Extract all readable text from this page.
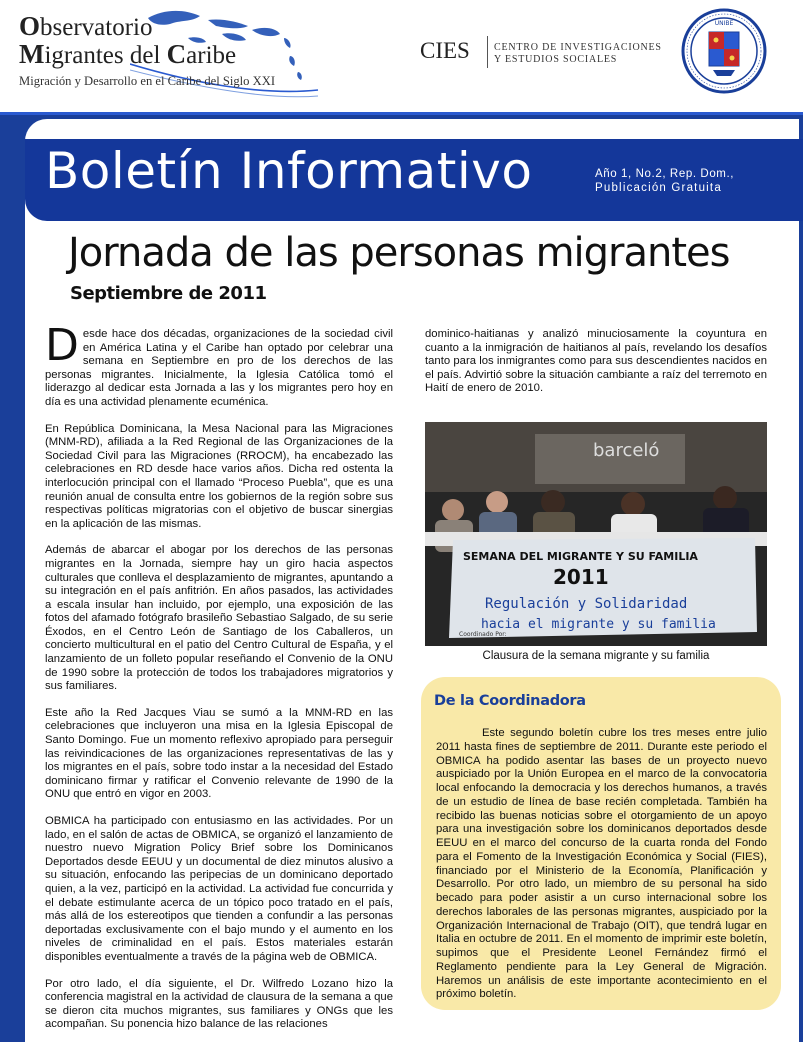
Observatorio
Migrantes del Caribe
Migración y Desarrollo en el Caribe del Siglo XXI
CIES CENTRO DE INVESTIGACIONES
Y ESTUDIOS SOCIALES
UNIBE
Boletín Informativo	Año 1, No.2, Rep. Dom.,
Publicación Gratuita
Jornada de las personas migrantes
Septiembre de 2011

Desde hace dos décadas, organizaciones de la sociedad civil en América Latina y el Caribe han optado por celebrar una semana en Septiembre en pro de los derechos de las personas migrantes. Inicialmente, la Iglesia Católica tomó el liderazgo al dedicar esta Jornada a las y los migrantes pero hoy en día es una actividad plenamente ecuménica.

En República Dominicana, la Mesa Nacional para las Migraciones (MNM-RD), afiliada a la Red Regional de las Organizaciones de la Sociedad Civil para las Migraciones (RROCM), ha encabezado las celebraciones en RD desde hace varios años. Dicha red ostenta la interlocución principal con el llamado “Proceso Puebla”, que es una reunión anual de consulta entre los gobiernos de la región sobre sus respectivas políticas migratorias con el objetivo de buscar sinergias en la aplicación de las mismas.

Además de abarcar el abogar por los derechos de las personas migrantes en la Jornada, siempre hay un giro hacia aspectos culturales que conlleva el desplazamiento de migrantes, apuntando a su integración en el país anfitrión. En años pasados, las actividades a escala insular han incluido, por ejemplo, una exposición de las fotos del afamado fotógrafo brasileño Sebastiao Salgado, de su serie Éxodos, en el Centro León de Santiago de los Caballeros, un concierto multicultural en el patio del Centro Cultural de España, y el lanzamiento de un folleto popular reseñando el Convenio de la ONU de 1990 sobre la protección de todos los trabajadores migratorios y sus familiares.

Este año la Red Jacques Viau se sumó a la MNM-RD en las celebraciones que incluyeron una misa en la Iglesia Episcopal de Santo Domingo. Fue un momento reflexivo apropiado para perseguir las reivindicaciones de las organizaciones representativas de las y los migrantes en el país, sobre todo instar a la necesidad del Estado dominicano firmar y ratificar el Convenio relevante de 1990 de la ONU que entró en vigor en 2003.

OBMICA ha participado con entusiasmo en las actividades. Por un lado, en el salón de actas de OBMICA, se organizó el lanzamiento de nuestro nuevo Migration Policy Brief sobre los Dominicanos Deportados desde EEUU y un documental de diez minutos alusivo a su situación, enfocando las peripecias de un dominicano deportado quien, a la vez, participó en la actividad. La actividad fue concurrida y el debate estimulante acerca de un tópico poco tratado en el país, más allá de los estereotipos que tienden a confundir a las personas deportadas exclusivamente con el bajo mundo y el aumento en los niveles de criminalidad en el país. Estos materiales estarán disponibles eventualmente a través de la página web de OBMICA.

Por otro lado, el día siguiente, el Dr. Wilfredo Lozano hizo la conferencia magistral en la actividad de clausura de la semana a que se dieron cita muchos migrantes, sus familiares y ONGs que les acompañan. Su ponencia hizo balance de las relaciones

dominico-haitianas y analizó minuciosamente la coyuntura en cuanto a la inmigración de haitianos al país, revelando los desafíos tanto para los inmigrantes como para sus descendientes nacidos en el país. Advirtió sobre la situación cambiante a raíz del terremoto en Haití de enero de 2010.

barceló
SEMANA DEL MIGRANTE Y SU FAMILIA
2011
Regulación y Solidaridad
hacia el migrante y su familia
Coordinado Por:
Clausura de la semana migrante y su familia
De la Coordinadora

Este segundo boletín cubre los tres meses entre julio 2011 hasta fines de septiembre de 2011. Durante este periodo el OBMICA ha podido asentar las bases de un proyecto nuevo auspiciado por la Unión Europea en el marco de la convocatoria local enfocando la democracia y los derechos humanos, a través de un estudio de línea de base recién completada. También ha recibido las buenas noticias sobre el otorgamiento de un apoyo para una investigación sobre los dominicanos deportados desde EEUU en el marco del concurso de la cuarta ronda del Fondo para el Fomento de la Investigación Económica y Social (FIES), financiado por el Ministerio de la Economía, Planificación y Desarrollo. Por otro lado, un miembro de su personal ha sido becado para poder asistir a un curso internacional sobre los derechos laborales de las personas migrantes, auspiciado por la Organización Internacional de Trabajo (OIT), que tendrá lugar en Italia en octubre de 2011. En el momento de imprimir este boletín, supimos que el Presidente Leonel Fernández firmó el Reglamento pendiente para la Ley General de Migración. Haremos un análisis de este importante acontecimiento en el próximo boletín.
